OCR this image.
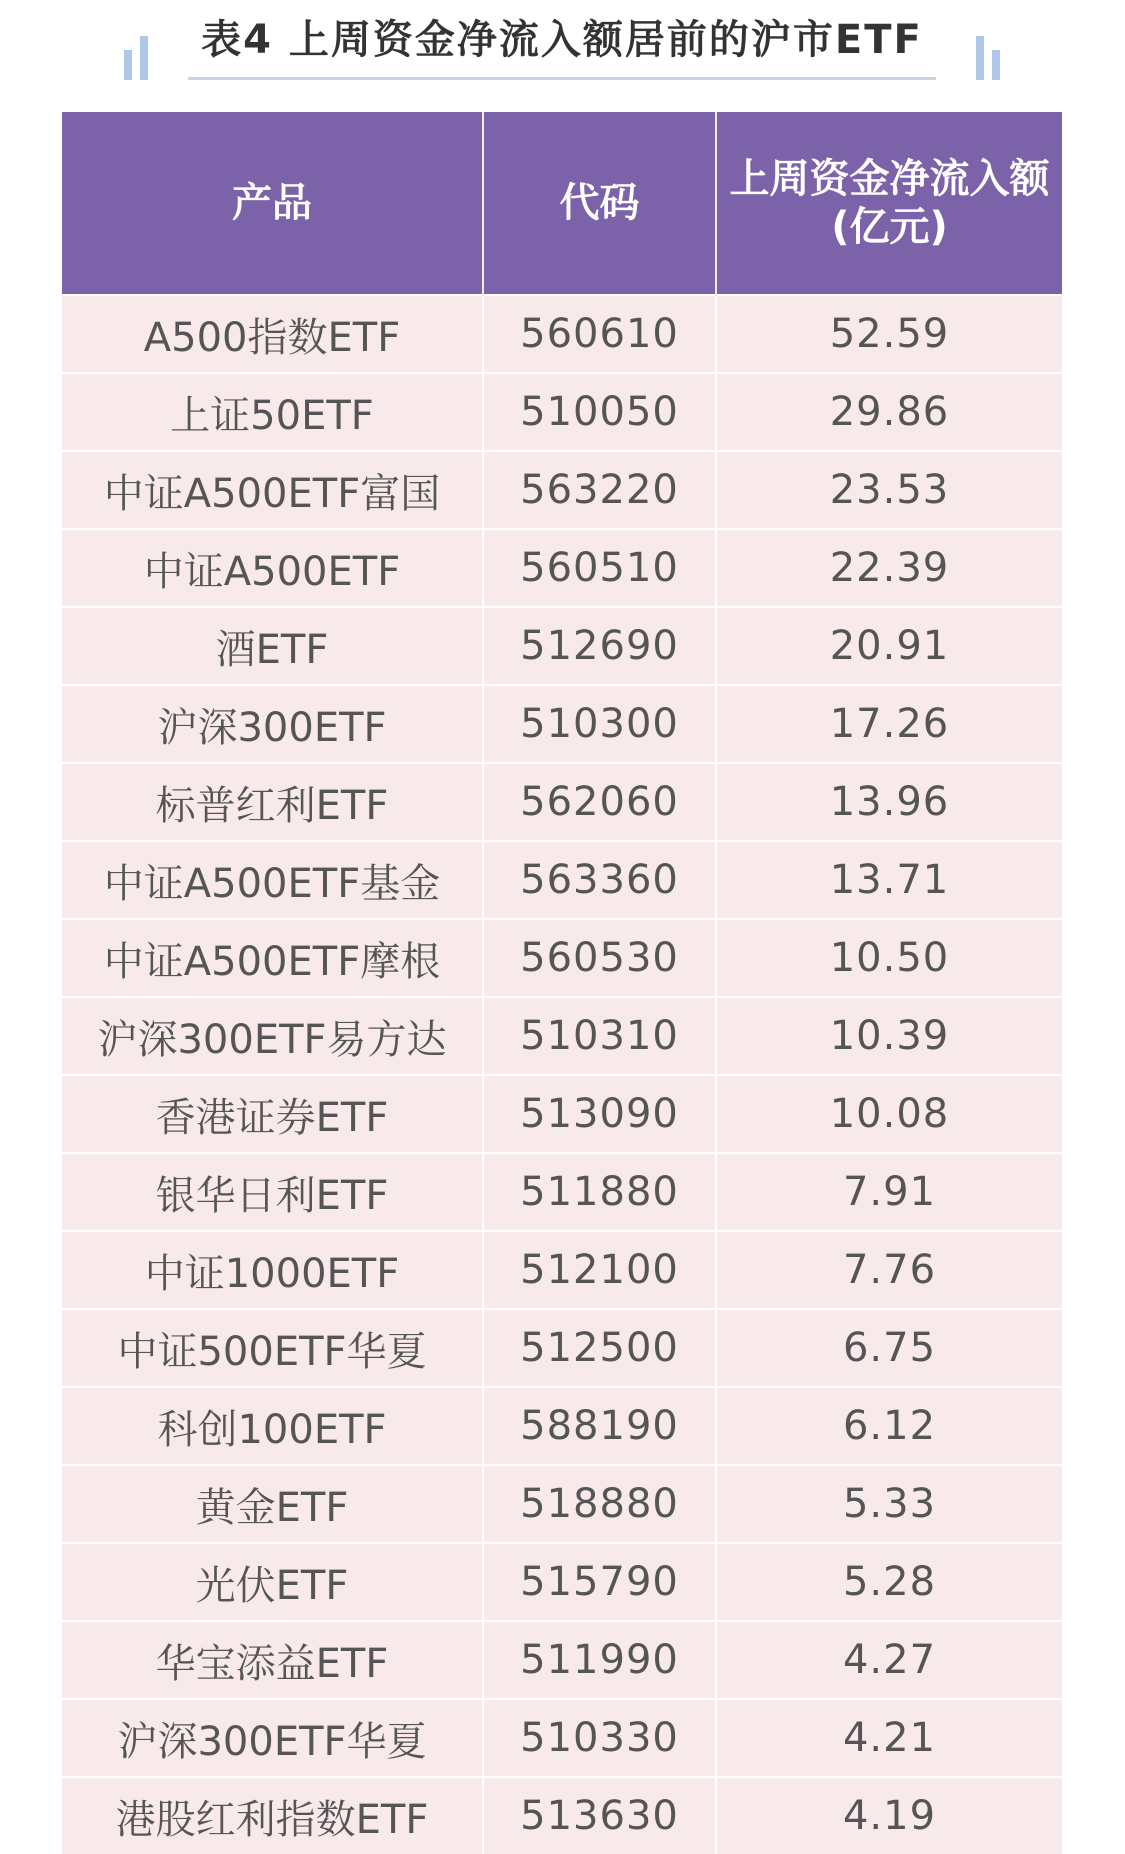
表4 上周资金净流入额居前的沪市ETF
产品	代码	上周资金净流入额
(亿元)

A500指数ETF	560610	52.59
上证50ETF	510050	29.86
中证A500ETF富国	563220	23.53
中证A500ETF	560510	22.39
酒ETF	512690	20.91
沪深300ETF	510300	17.26
标普红利ETF	562060	13.96
中证A500ETF基金	563360	13.71
中证A500ETF摩根	560530	10.50
沪深300ETF易方达	510310	10.39
香港证券ETF	513090	10.08
银华日利ETF	511880	7.91
中证1000ETF	512100	7.76
中证500ETF华夏	512500	6.75
科创100ETF	588190	6.12
黄金ETF	518880	5.33
光伏ETF	515790	5.28
华宝添益ETF	511990	4.27
沪深300ETF华夏	510330	4.21
港股红利指数ETF	513630	4.19
